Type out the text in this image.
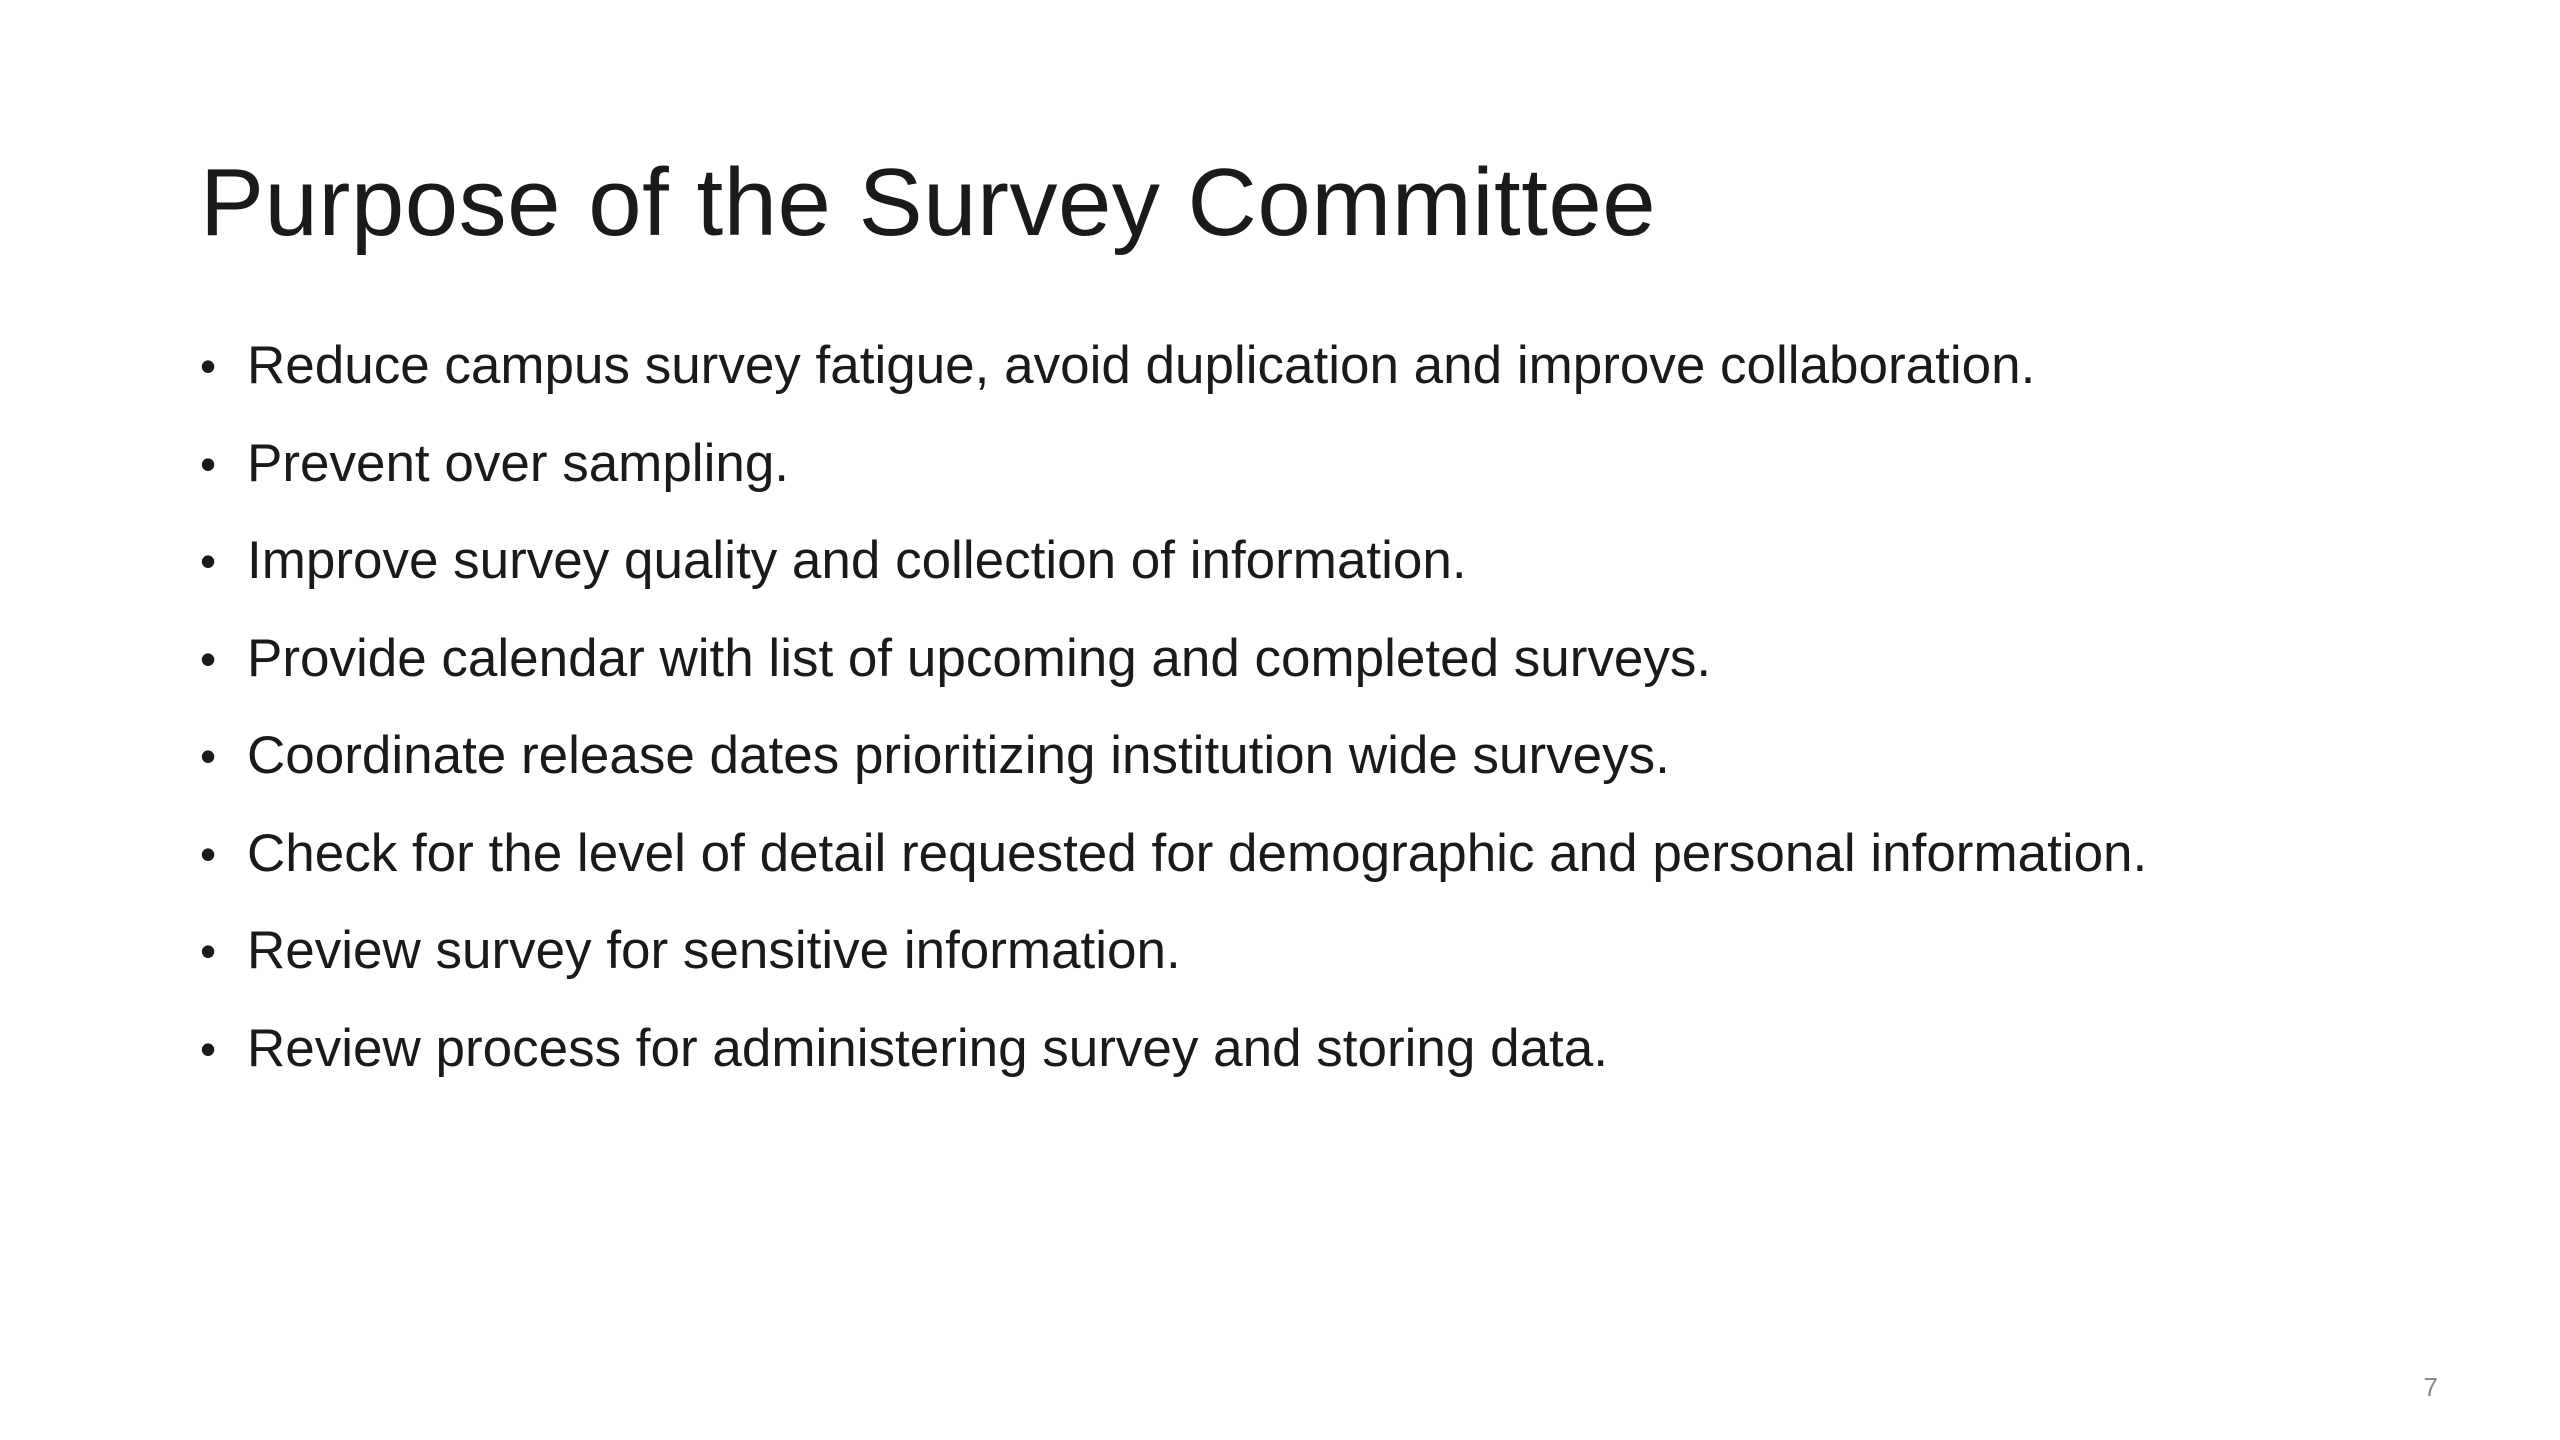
Purpose of the Survey Committee
• Reduce campus survey fatigue, avoid duplication and improve collaboration.
• Prevent over sampling.
• Improve survey quality and collection of information.
• Provide calendar with list of upcoming and completed surveys.
• Coordinate release dates prioritizing institution wide surveys.
• Check for the level of detail requested for demographic and personal information.
• Review survey for sensitive information.
• Review process for administering survey and storing data.
7
